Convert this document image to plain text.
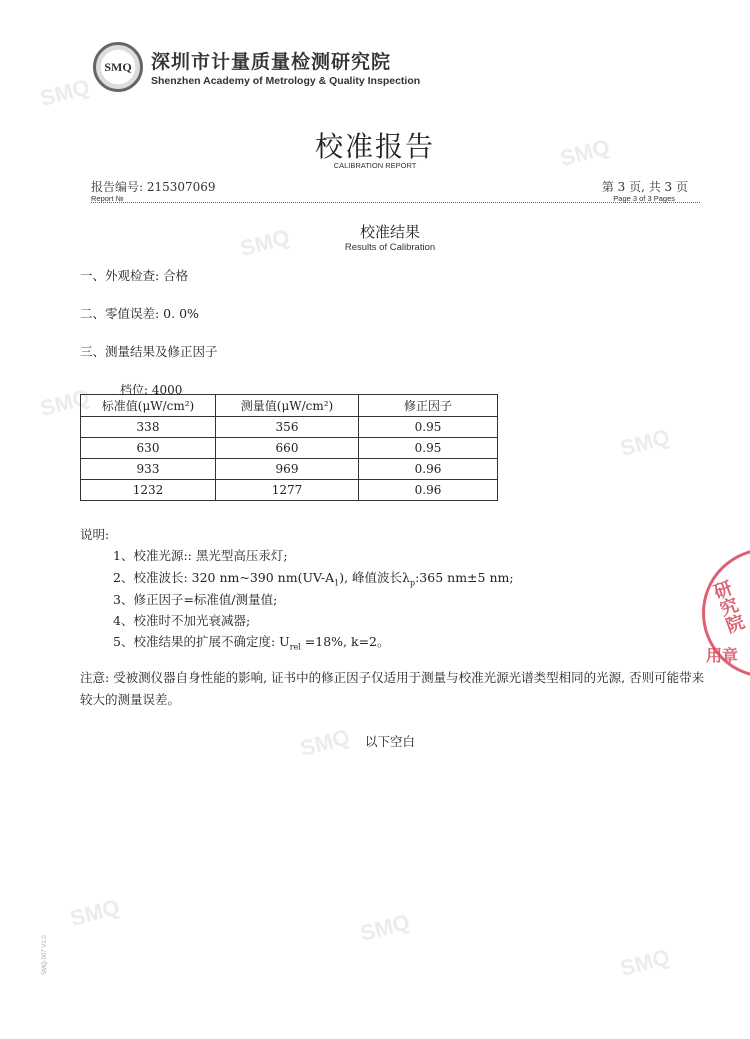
SMQ
SMQ
SMQ
SMQ
SMQ
SMQ
SMQ	SMQ
SMQ
SMQ	深圳市计量质量检测研究院
Shenzhen Academy of Metrology & Quality Inspection
校准报告
CALIBRATION REPORT
报告编号: 215307069
Report №
第 3 页, 共 3 页
Page 3 of 3 Pages
校准结果
Results of Calibration
一、外观检查: 合格
二、零值误差: 0. 0%
三、测量结果及修正因子
档位: 4000
标准值(μW/cm²)	测量值(μW/cm²)	修正因子
338	356	0.95
630	660	0.95
933	969	0.96
1232	1277	0.96
说明:
1、校准光源:: 黑光型高压汞灯;
2、校准波长: 320 nm~390 $nm(UV-A_1)$, 峰值波长$\lambda_p:365$ nm±5 nm;
3、修正因子=标准值/测量值;
4、校准时不加光衰减器;
5、校准结果的扩展不确定度: $U_{rel} =18\%$, k=2。
注意: 受被测仪器自身性能的影响, 证书中的修正因子仅适用于测量与校准光源光谱类型相同的光源, 否则可能带来较大的测量误差。
以下空白
研究院
用章
SMQ-007 V1.0
